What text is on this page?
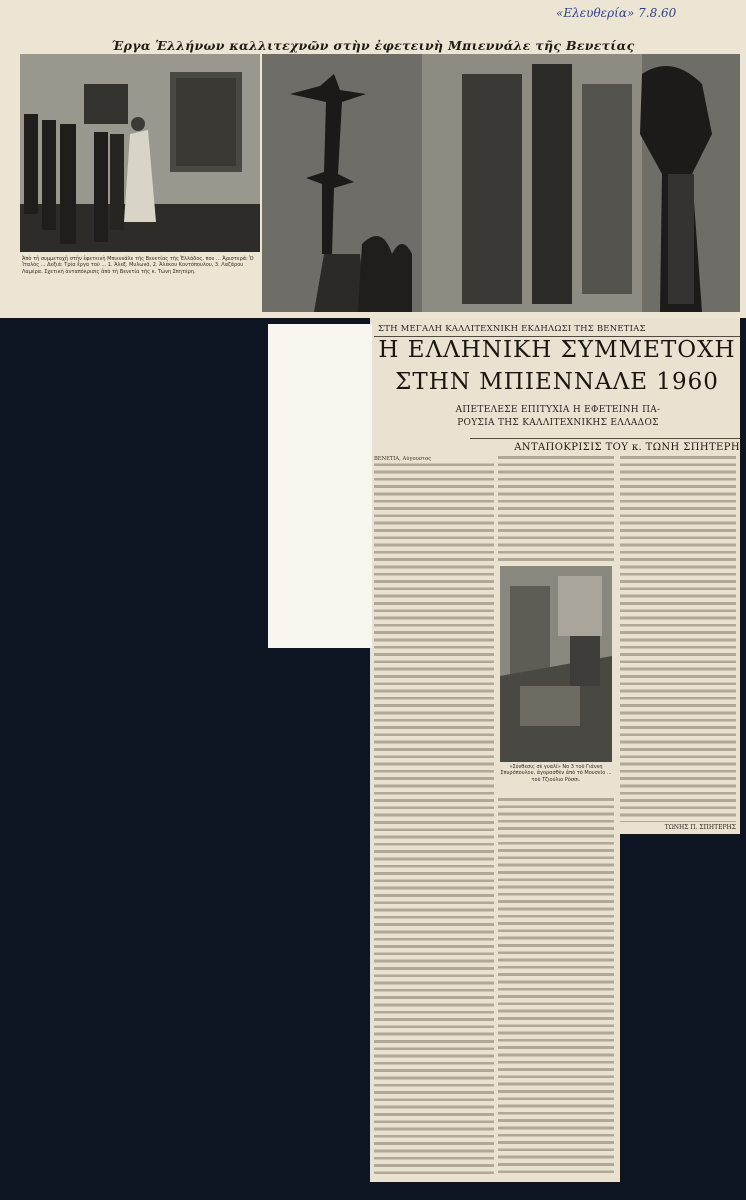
«Ελευθερία» 7.8.60
Έργα Ἑλλήνων καλλιτεχνῶν στὴν ἐφετεινὴ Μπιεννάλε τῆς Βενετίας

Ἀπὸ τὴ συμμετοχὴ στὴν ἐφετεινὴ Μπιεννάλε τῆς Βενετίας τῆς Ἑλλάδος, που ... Ἀριστερά: Ὁ Ἰταλὸς ... Δεξιά: Τρία ἔργα τοῦ ... 1. Ἀλεξ. Μυλωνᾶ, 2. Ἀλέκου Κοντόπουλου, 3. Λαζάρου Λαμέρα. Σχετικὴ ἀνταπόκρισις ἀπὸ τὴ Βενετία τῆς κ. Τώνη Σπητέρη.

ΣΤΗ ΜΕΓΑΛΗ ΚΑΛΛΙΤΕΧΝΙΚΗ ΕΚΔΗΛΩΣΙ ΤΗΣ ΒΕΝΕΤΙΑΣ
Η ΕΛΛΗΝΙΚΗ ΣΥΜΜΕΤΟΧΗ
ΣΤΗΝ ΜΠΙΕΝΝΑΛΕ 1960
ΑΠΕΤΕΛΕΣΕ ΕΠΙΤΥΧΙΑ Η ΕΦΕΤΕΙΝΗ ΠΑ-
ΡΟΥΣΙΑ ΤΗΣ ΚΑΛΛΙΤΕΧΝΙΚΗΣ ΕΛΛΑΔΟΣ
ΑΝΤΑΠΟΚΡΙΣΙΣ ΤΟΥ κ. ΤΩΝΗ ΣΠΗΤΕΡΗ
ΒΕΝΕΤΙΑ, Αὔγουστος

«Σύνθεσις σὲ γυαλί» Νο 3 τοῦ Γιάννη Σπυρόπουλου, ἀγορασθὲν ἀπὸ τὸ Μουσεῖο ... τοῦ Τζιούλιο Ρόσσι.

ΤΩΝΗΣ Π. ΣΠΗΤΕΡΗΣ
